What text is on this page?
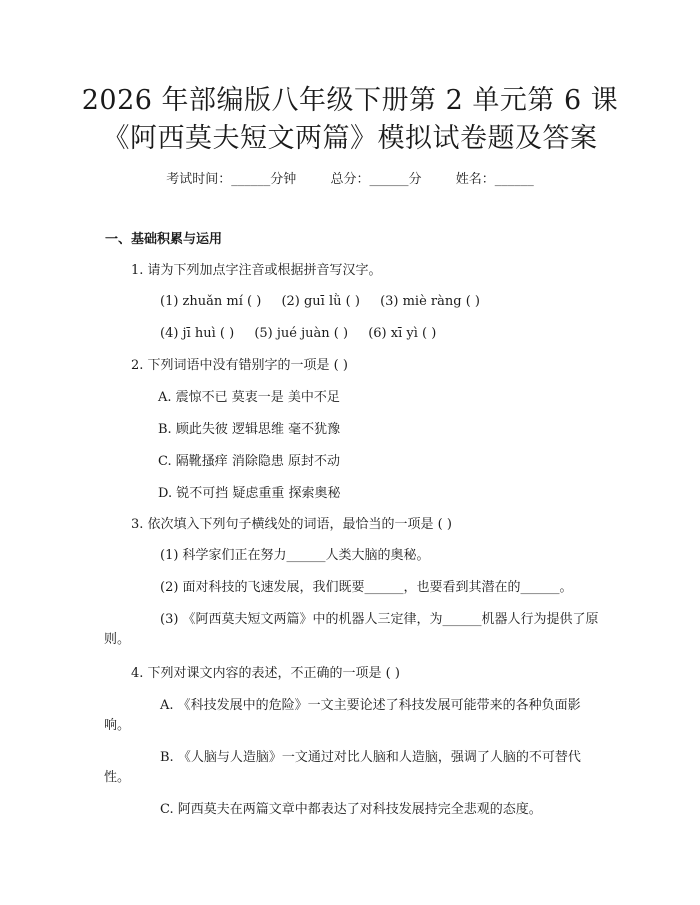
2026 年部编版八年级下册第 2 单元第 6 课
《阿西莫夫短文两篇》模拟试卷题及答案
考试时间：______分钟	总分：______分	姓名：______
一、基础积累与运用
1. 请为下列加点字注音或根据拼音写汉字。
(1) zhuǎn mí ( ) (2) guī lǜ ( ) (3) miè ràng ( )
(4) jī huì ( ) (5) jué juàn ( ) (6) xī yì ( )
2. 下列词语中没有错别字的一项是 ( )
A. 震惊不已 莫衷一是 美中不足
B. 顾此失彼 逻辑思维 毫不犹豫
C. 隔靴搔痒 消除隐患 原封不动
D. 锐不可挡 疑虑重重 探索奥秘
3. 依次填入下列句子横线处的词语，最恰当的一项是 ( )
(1) 科学家们正在努力______人类大脑的奥秘。
(2) 面对科技的飞速发展，我们既要______，也要看到其潜在的______。
(3) 《阿西莫夫短文两篇》中的机器人三定律，为______机器人行为提供了原则。
4. 下列对课文内容的表述，不正确的一项是 ( )
A. 《科技发展中的危险》一文主要论述了科技发展可能带来的各种负面影响。
B. 《人脑与人造脑》一文通过对比人脑和人造脑，强调了人脑的不可替代性。
C. 阿西莫夫在两篇文章中都表达了对科技发展持完全悲观的态度。
